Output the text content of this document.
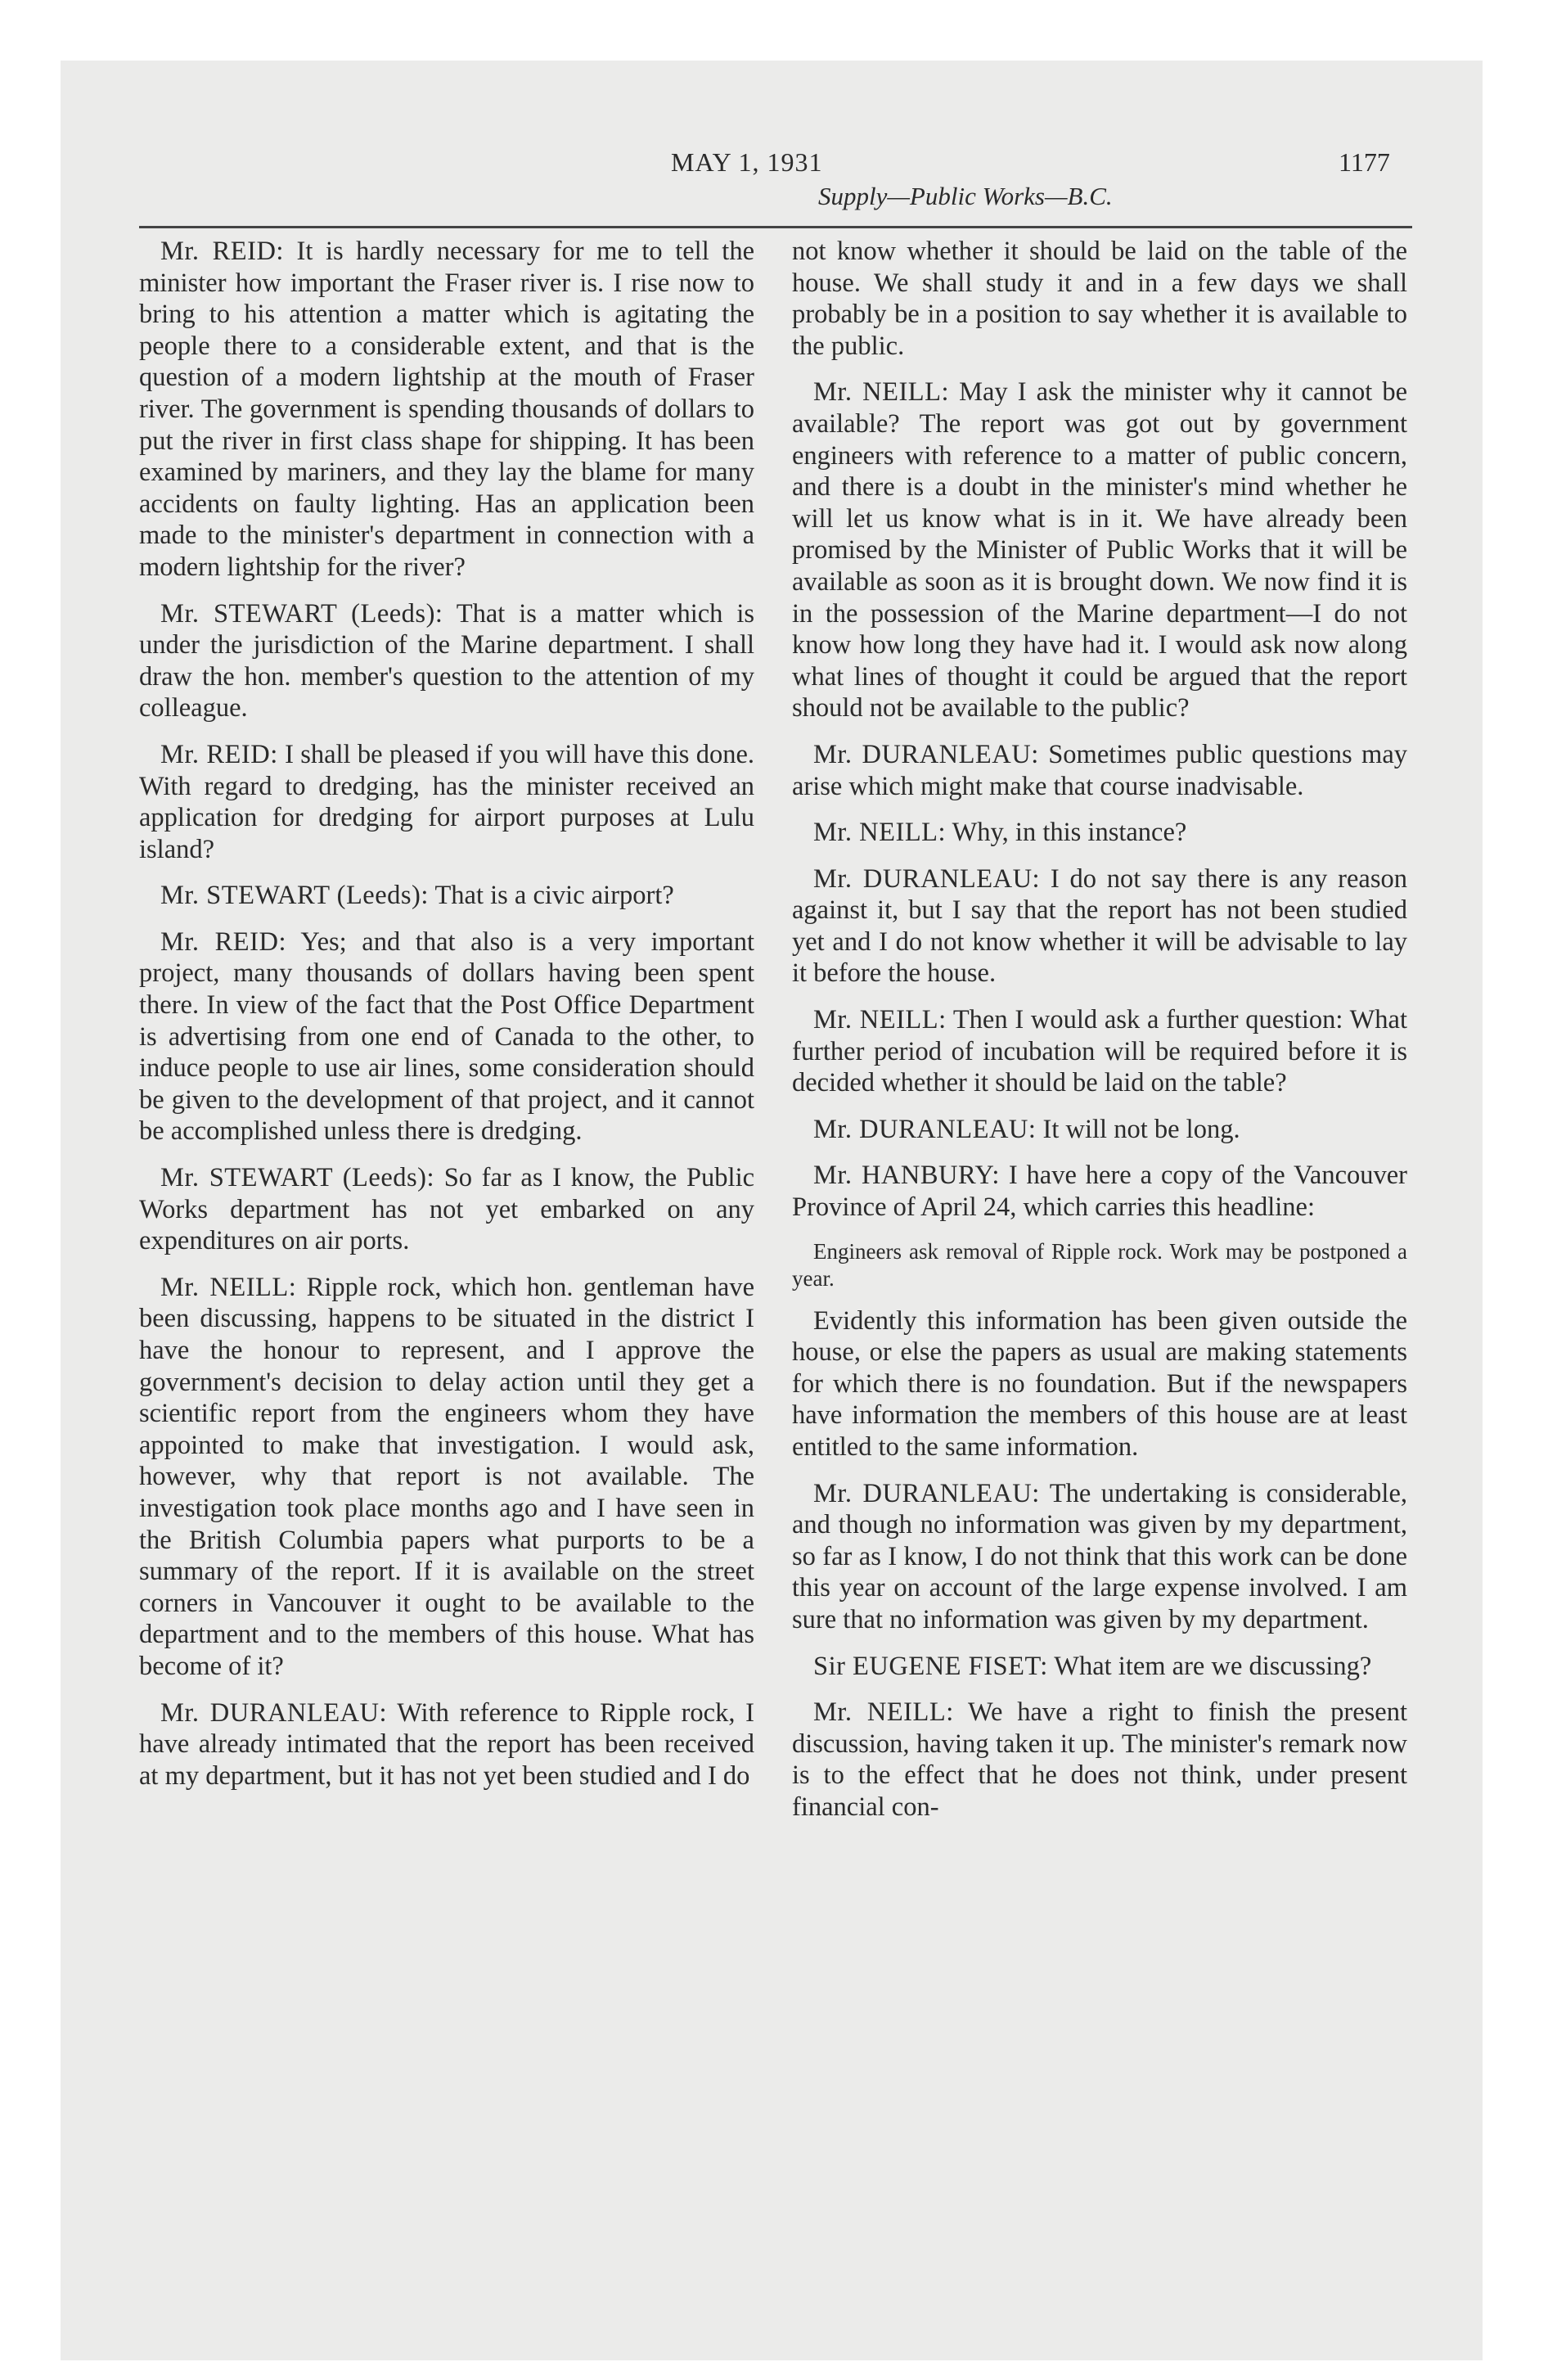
MAY 1, 1931
Supply—Public Works—B.C.
1177

Mr. REID: It is hardly necessary for me to tell the minister how important the Fraser river is. I rise now to bring to his attention a matter which is agitating the people there to a considerable extent, and that is the question of a modern lightship at the mouth of Fraser river. The government is spending thousands of dollars to put the river in first class shape for shipping. It has been examined by mariners, and they lay the blame for many accidents on faulty lighting. Has an application been made to the minister's department in connection with a modern lightship for the river?

Mr. STEWART (Leeds): That is a matter which is under the jurisdiction of the Marine department. I shall draw the hon. member's question to the attention of my colleague.

Mr. REID: I shall be pleased if you will have this done. With regard to dredging, has the minister received an application for dredging for airport purposes at Lulu island?

Mr. STEWART (Leeds): That is a civic airport?

Mr. REID: Yes; and that also is a very important project, many thousands of dollars having been spent there. In view of the fact that the Post Office Department is advertising from one end of Canada to the other, to induce people to use air lines, some consideration should be given to the development of that project, and it cannot be accomplished unless there is dredging.

Mr. STEWART (Leeds): So far as I know, the Public Works department has not yet embarked on any expenditures on air ports.

Mr. NEILL: Ripple rock, which hon. gentleman have been discussing, happens to be situated in the district I have the honour to represent, and I approve the government's decision to delay action until they get a scientific report from the engineers whom they have appointed to make that investigation. I would ask, however, why that report is not available. The investigation took place months ago and I have seen in the British Columbia papers what purports to be a summary of the report. If it is available on the street corners in Vancouver it ought to be available to the department and to the members of this house. What has become of it?

Mr. DURANLEAU: With reference to Ripple rock, I have already intimated that the report has been received at my department, but it has not yet been studied and I do

not know whether it should be laid on the table of the house. We shall study it and in a few days we shall probably be in a position to say whether it is available to the public.

Mr. NEILL: May I ask the minister why it cannot be available? The report was got out by government engineers with reference to a matter of public concern, and there is a doubt in the minister's mind whether he will let us know what is in it. We have already been promised by the Minister of Public Works that it will be available as soon as it is brought down. We now find it is in the possession of the Marine department—I do not know how long they have had it. I would ask now along what lines of thought it could be argued that the report should not be available to the public?

Mr. DURANLEAU: Sometimes public questions may arise which might make that course inadvisable.

Mr. NEILL: Why, in this instance?

Mr. DURANLEAU: I do not say there is any reason against it, but I say that the report has not been studied yet and I do not know whether it will be advisable to lay it before the house.

Mr. NEILL: Then I would ask a further question: What further period of incubation will be required before it is decided whether it should be laid on the table?

Mr. DURANLEAU: It will not be long.

Mr. HANBURY: I have here a copy of the Vancouver Province of April 24, which carries this headline:

Engineers ask removal of Ripple rock. Work may be postponed a year.

Evidently this information has been given outside the house, or else the papers as usual are making statements for which there is no foundation. But if the newspapers have information the members of this house are at least entitled to the same information.

Mr. DURANLEAU: The undertaking is considerable, and though no information was given by my department, so far as I know, I do not think that this work can be done this year on account of the large expense involved. I am sure that no information was given by my department.

Sir EUGENE FISET: What item are we discussing?

Mr. NEILL: We have a right to finish the present discussion, having taken it up. The minister's remark now is to the effect that he does not think, under present financial con-
